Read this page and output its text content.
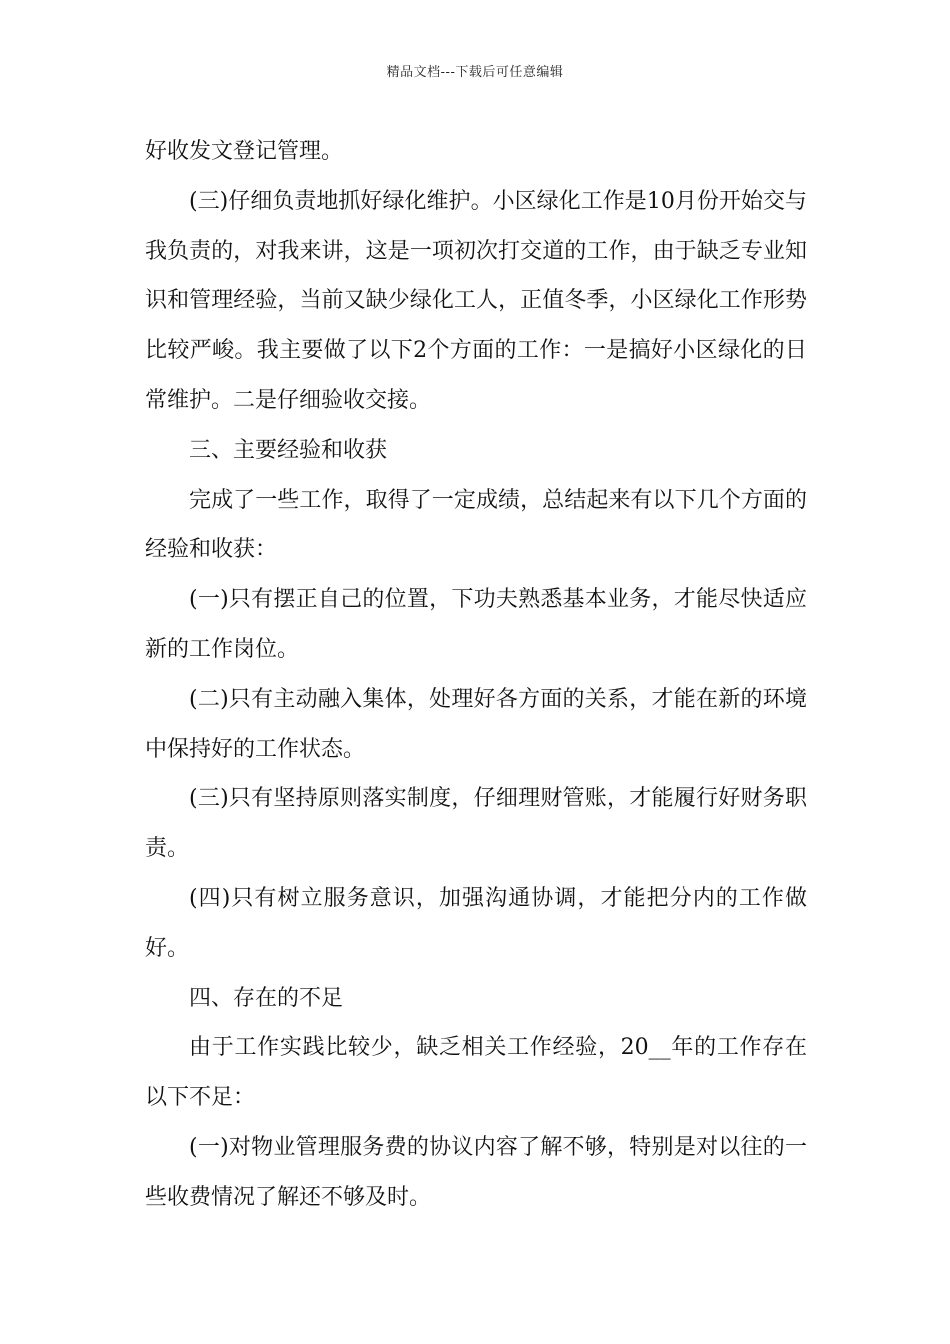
精品文档---下载后可任意编辑

好收发文登记管理。

(三)仔细负责地抓好绿化维护。小区绿化工作是10月份开始交与我负责的，对我来讲，这是一项初次打交道的工作，由于缺乏专业知识和管理经验，当前又缺少绿化工人，正值冬季，小区绿化工作形势比较严峻。我主要做了以下2个方面的工作：一是搞好小区绿化的日常维护。二是仔细验收交接。

三、主要经验和收获

完成了一些工作，取得了一定成绩，总结起来有以下几个方面的经验和收获：

(一)只有摆正自己的位置，下功夫熟悉基本业务，才能尽快适应新的工作岗位。

(二)只有主动融入集体，处理好各方面的关系，才能在新的环境中保持好的工作状态。

(三)只有坚持原则落实制度，仔细理财管账，才能履行好财务职责。

(四)只有树立服务意识，加强沟通协调，才能把分内的工作做好。

四、存在的不足

由于工作实践比较少，缺乏相关工作经验，20__年的工作存在以下不足：

(一)对物业管理服务费的协议内容了解不够，特别是对以往的一些收费情况了解还不够及时。
